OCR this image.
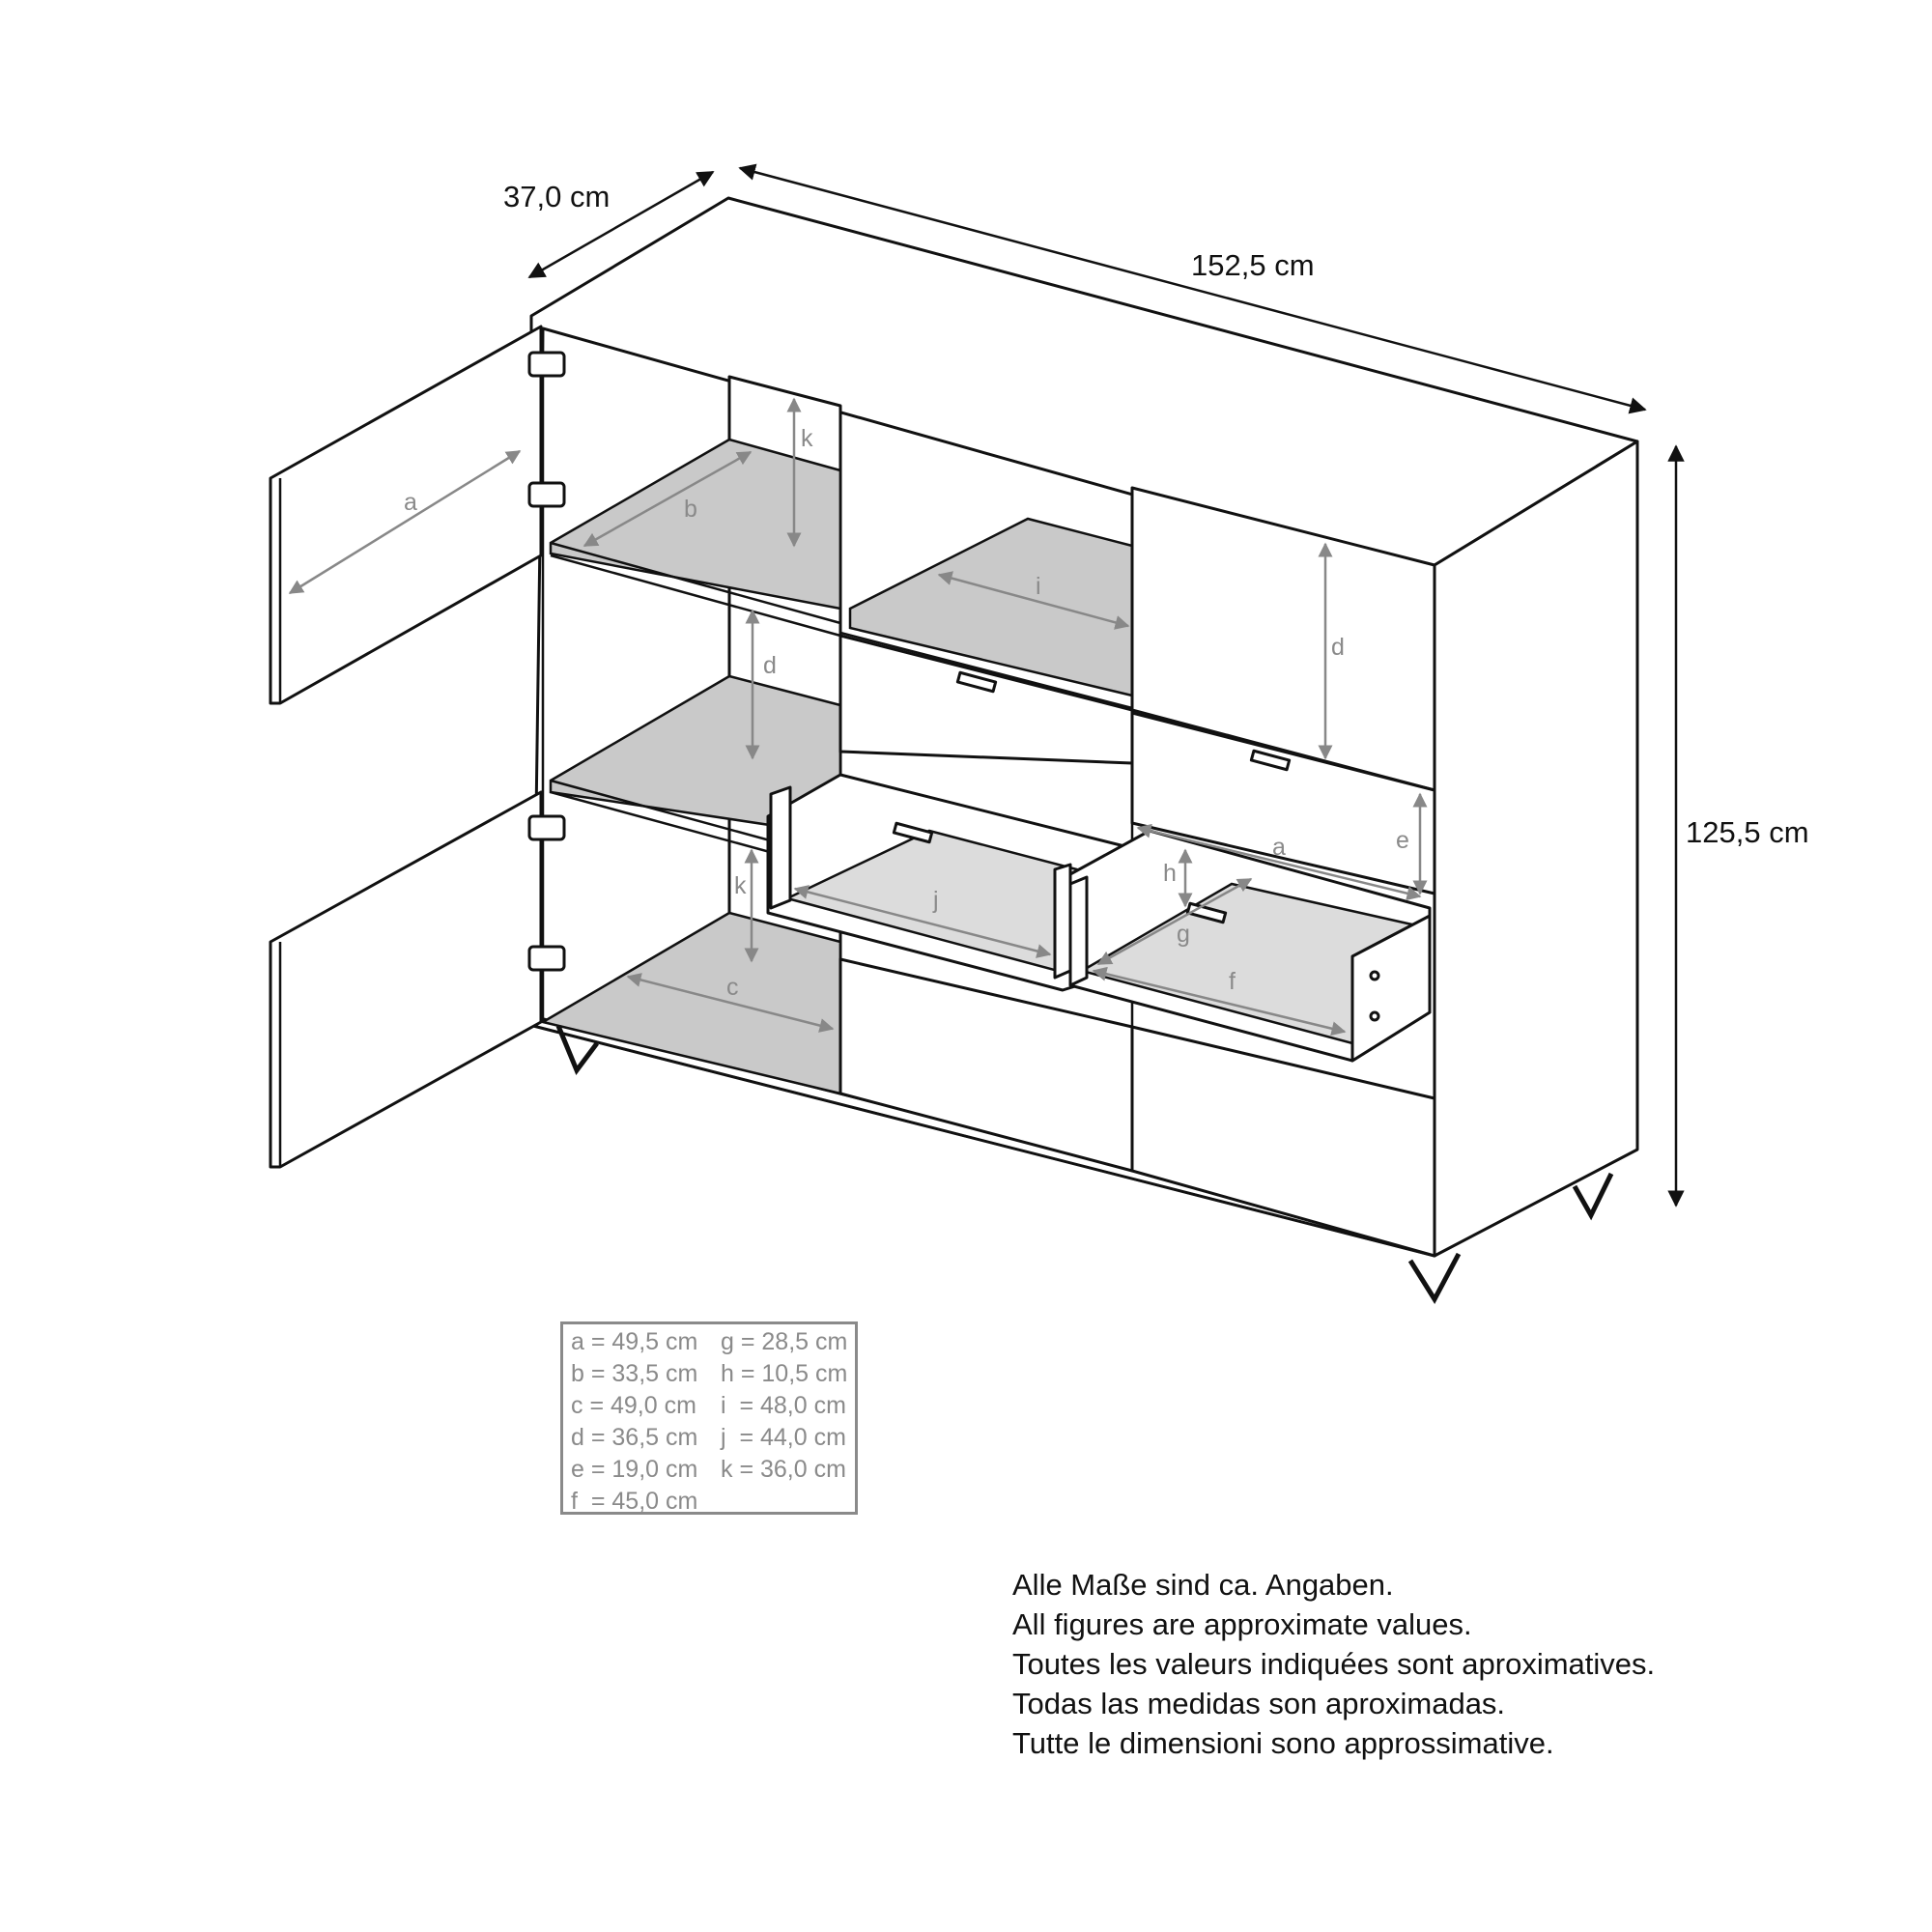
37,0 cm
152,5 cm
125,5 cm
a	b
k
i
d
d
a	e
h
k
j
g
c	f
a = 49,5 cm g = 28,5 cm
b = 33,5 cm h = 10,5 cm
c = 49,0 cm	i  = 48,0 cm
d = 36,5 cm j  = 44,0 cm
e = 19,0 cm k = 36,0 cm
f  = 45,0 cm
Alle Maße sind ca. Angaben.
All figures are approximate values.
Toutes les valeurs indiquées sont aproximatives.
Todas las medidas son aproximadas.
Tutte le dimensioni sono approssimative.
